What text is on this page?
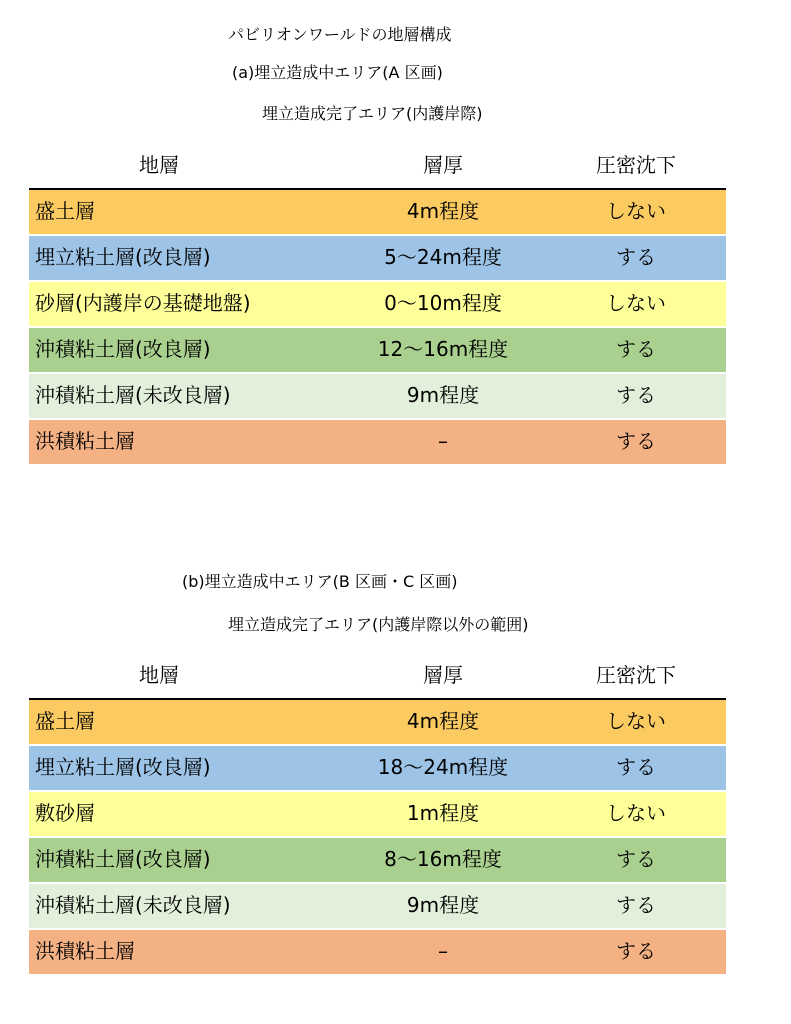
パビリオンワールドの地層構成
(a)埋立造成中エリア(A 区画)
埋立造成完了エリア(内護岸際)
地層	層厚	圧密沈下
盛土層	4m程度	しない
埋立粘土層(改良層)	5〜24m程度	する
砂層(内護岸の基礎地盤)	0〜10m程度	しない
沖積粘土層(改良層)	12〜16m程度	する
沖積粘土層(未改良層)	9m程度	する
洪積粘土層	–	する
(b)埋立造成中エリア(B 区画・C 区画)
埋立造成完了エリア(内護岸際以外の範囲)
地層	層厚	圧密沈下
盛土層	4m程度	しない
埋立粘土層(改良層)	18〜24m程度	する
敷砂層	1m程度	しない
沖積粘土層(改良層)	8〜16m程度	する
沖積粘土層(未改良層)	9m程度	する
洪積粘土層	–	する
